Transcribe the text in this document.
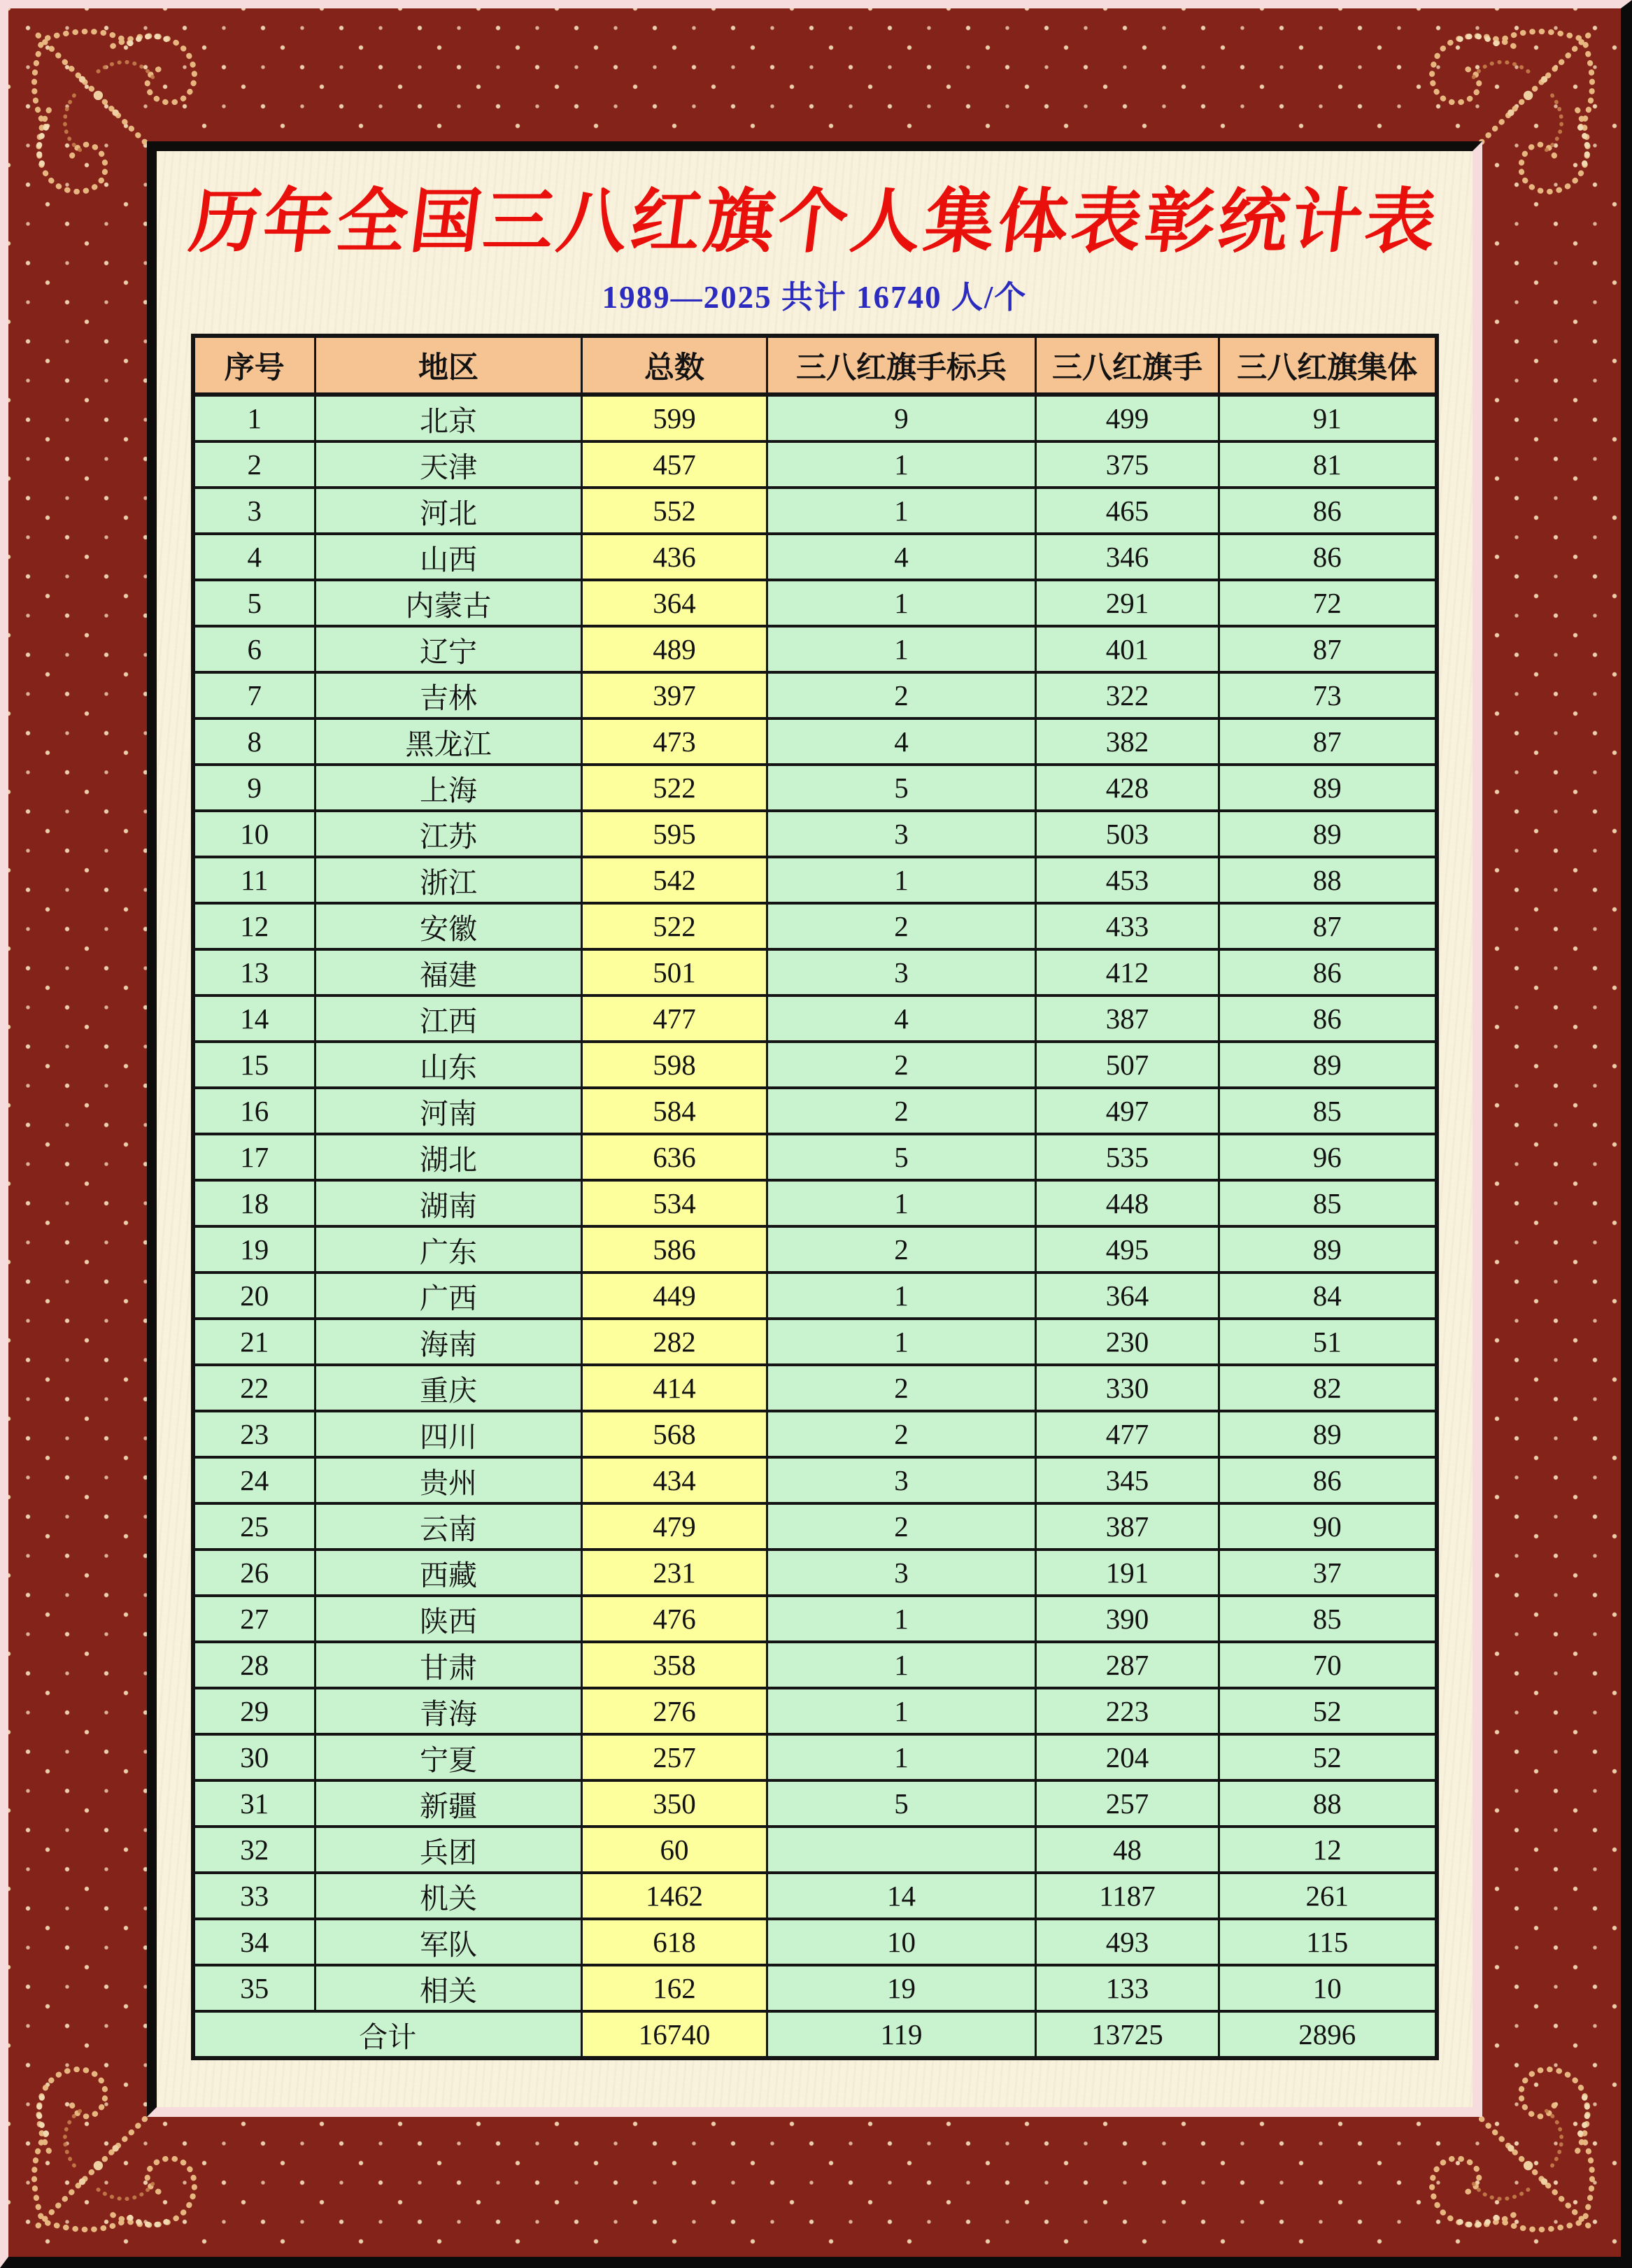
历年全国三八红旗个人集体表彰统计表
1989—2025 共计 16740 人/个
序号	地区	总数	三八红旗手标兵	三八红旗手	三八红旗集体
1	北京	599	9	499	91
2	天津	457	1	375	81
3	河北	552	1	465	86
4	山西	436	4	346	86
5	内蒙古	364	1	291	72
6	辽宁	489	1	401	87
7	吉林	397	2	322	73
8	黑龙江	473	4	382	87
9	上海	522	5	428	89
10	江苏	595	3	503	89
11	浙江	542	1	453	88
12	安徽	522	2	433	87
13	福建	501	3	412	86
14	江西	477	4	387	86
15	山东	598	2	507	89
16	河南	584	2	497	85
17	湖北	636	5	535	96
18	湖南	534	1	448	85
19	广东	586	2	495	89
20	广西	449	1	364	84
21	海南	282	1	230	51
22	重庆	414	2	330	82
23	四川	568	2	477	89
24	贵州	434	3	345	86
25	云南	479	2	387	90
26	西藏	231	3	191	37
27	陕西	476	1	390	85
28	甘肃	358	1	287	70
29	青海	276	1	223	52
30	宁夏	257	1	204	52
31	新疆	350	5	257	88
32	兵团	60		48	12
33	机关	1462	14	1187	261
34	军队	618	10	493	115
35	相关	162	19	133	10
合计		16740	119	13725	2896
